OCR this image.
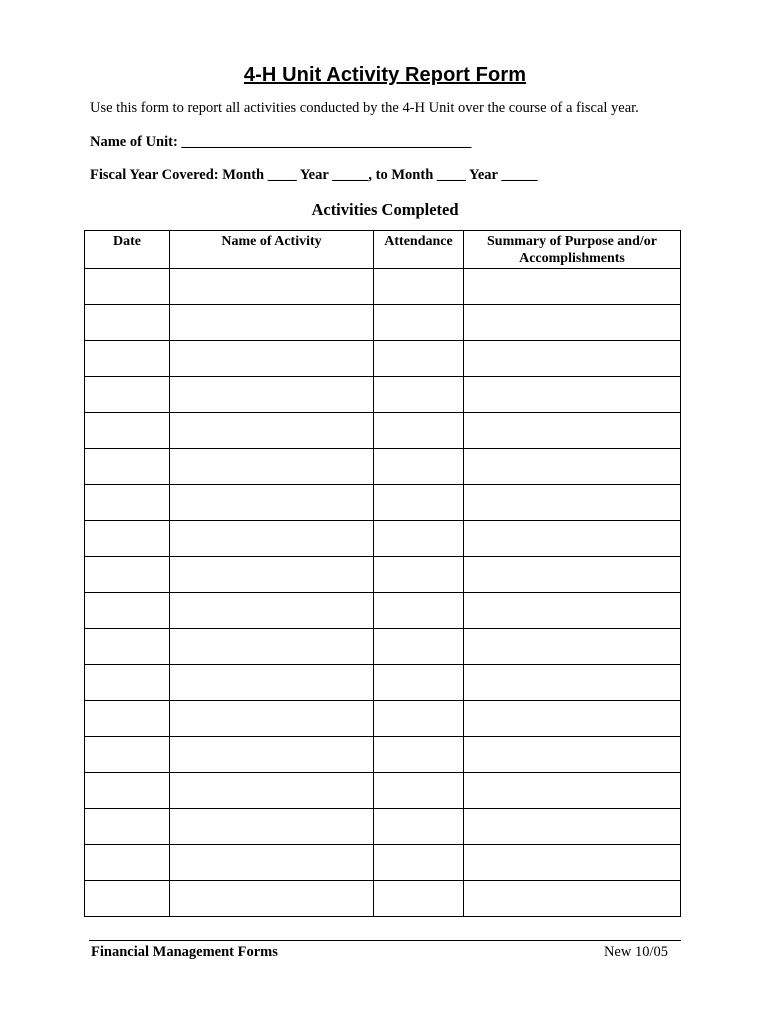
4-H Unit Activity Report Form
Use this form to report all activities conducted by the 4-H Unit over the course of a fiscal year.
Name of Unit: ________________________________________
Fiscal Year Covered: Month ____ Year _____, to Month ____ Year _____
Activities Completed
Date	Name of Activity	Attendance	Summary of Purpose and/or Accomplishments

Financial Management Forms	New 10/05
